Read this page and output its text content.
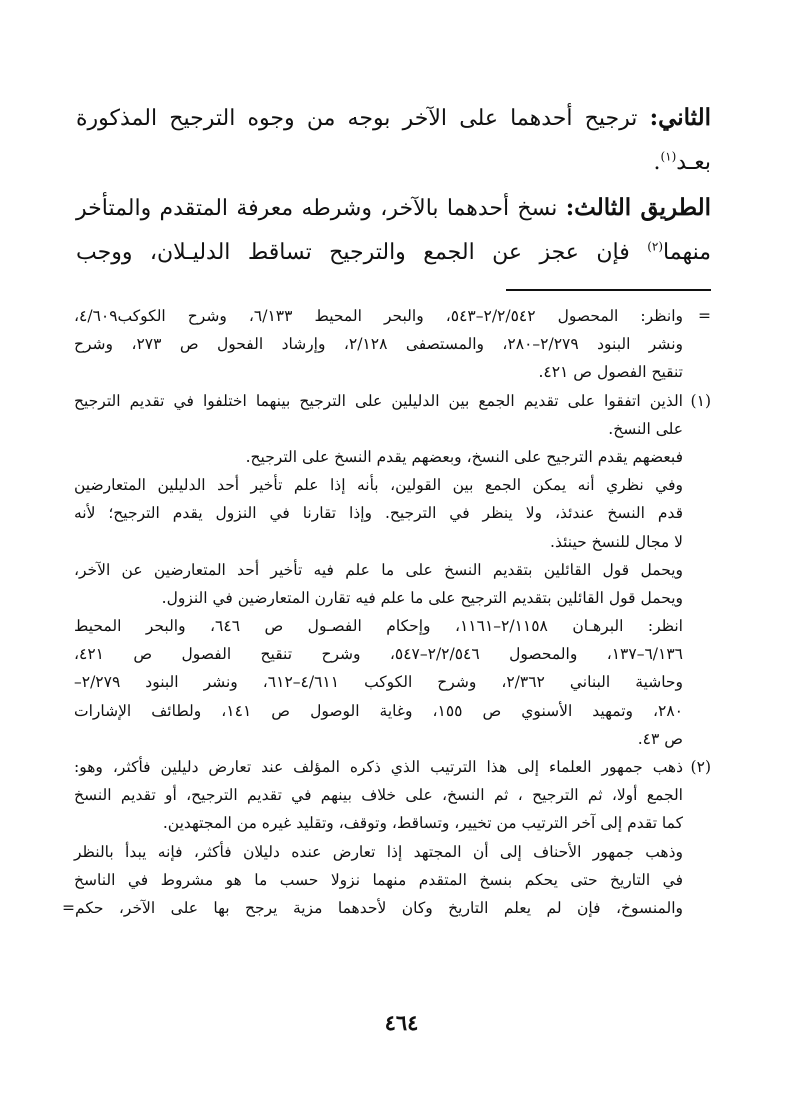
الثاني: ترجيح أحدهما على الآخر بوجه من وجوه الترجيح المذكورة
بعـد$^{(١)}$.
الطريق الثالث: نسخ أحدهما بالآخر، وشرطه معرفة المتقدم والمتأخر
منهما$^{(٢)}$ فإن عجز عن الجمع والترجيح تساقط الدليـلان، ووجب
=وانظر: المحصول ٢/٢/٥٤٢–٥٤٣، والبحر المحيط ٦/١٣٣، وشرح الكوكب٤/٦٠٩،
ونشر البنود ٢/٢٧٩–٢٨٠، والمستصفى ٢/١٢٨، وإرشاد الفحول ص ٢٧٣، وشرح
تنقيح الفصول ص ٤٢١.
(١)الذين اتفقوا على تقديم الجمع بين الدليلين على الترجيح بينهما اختلفوا في تقديم الترجيح
على النسخ.
فبعضهم يقدم الترجيح على النسخ، وبعضهم يقدم النسخ على الترجيح.
وفي نظري أنه يمكن الجمع بين القولين، بأنه إذا علم تأخير أحد الدليلين المتعارضين
قدم النسخ عندئذ، ولا ينظر في الترجيح. وإذا تقارنا في النزول يقدم الترجيح؛ لأنه
لا مجال للنسخ حينئذ.
ويحمل قول القائلين بتقديم النسخ على ما علم فيه تأخير أحد المتعارضين عن الآخر،
ويحمل قول القائلين بتقديم الترجيح على ما علم فيه تقارن المتعارضين في النزول.
انظر: البرهـان ٢/١١٥٨–١١٦١، وإحكام الفصـول ص ٦٤٦، والبحر المحيط
٦/١٣٦–١٣٧، والمحصول ٢/٢/٥٤٦–٥٤٧، وشرح تنقيح الفصول ص ٤٢١،
وحاشية البناني ٢/٣٦٢، وشرح الكوكب ٤/٦١١–٦١٢، ونشر البنود ٢/٢٧٩–
٢٨٠، وتمهيد الأسنوي ص ١٥٥، وغاية الوصول ص ١٤١، ولطائف الإشارات
ص ٤٣.
(٢)ذهب جمهور العلماء إلى هذا الترتيب الذي ذكره المؤلف عند تعارض دليلين فأكثر، وهو:
الجمع أولا، ثم الترجيح ، ثم النسخ، على خلاف بينهم في تقديم الترجيح، أو تقديم النسخ
كما تقدم إلى آخر الترتيب من تخيير، وتساقط، وتوقف، وتقليد غيره من المجتهدين.
وذهب جمهور الأحناف إلى أن المجتهد إذا تعارض عنده دليلان فأكثر، فإنه يبدأ بالنظر
في التاريخ حتى يحكم بنسخ المتقدم منهما نزولا حسب ما هو مشروط في الناسخ
والمنسوخ، فإن لم يعلم التاريخ وكان لأحدهما مزية يرجح بها على الآخر، حكم=
٤٦٤
